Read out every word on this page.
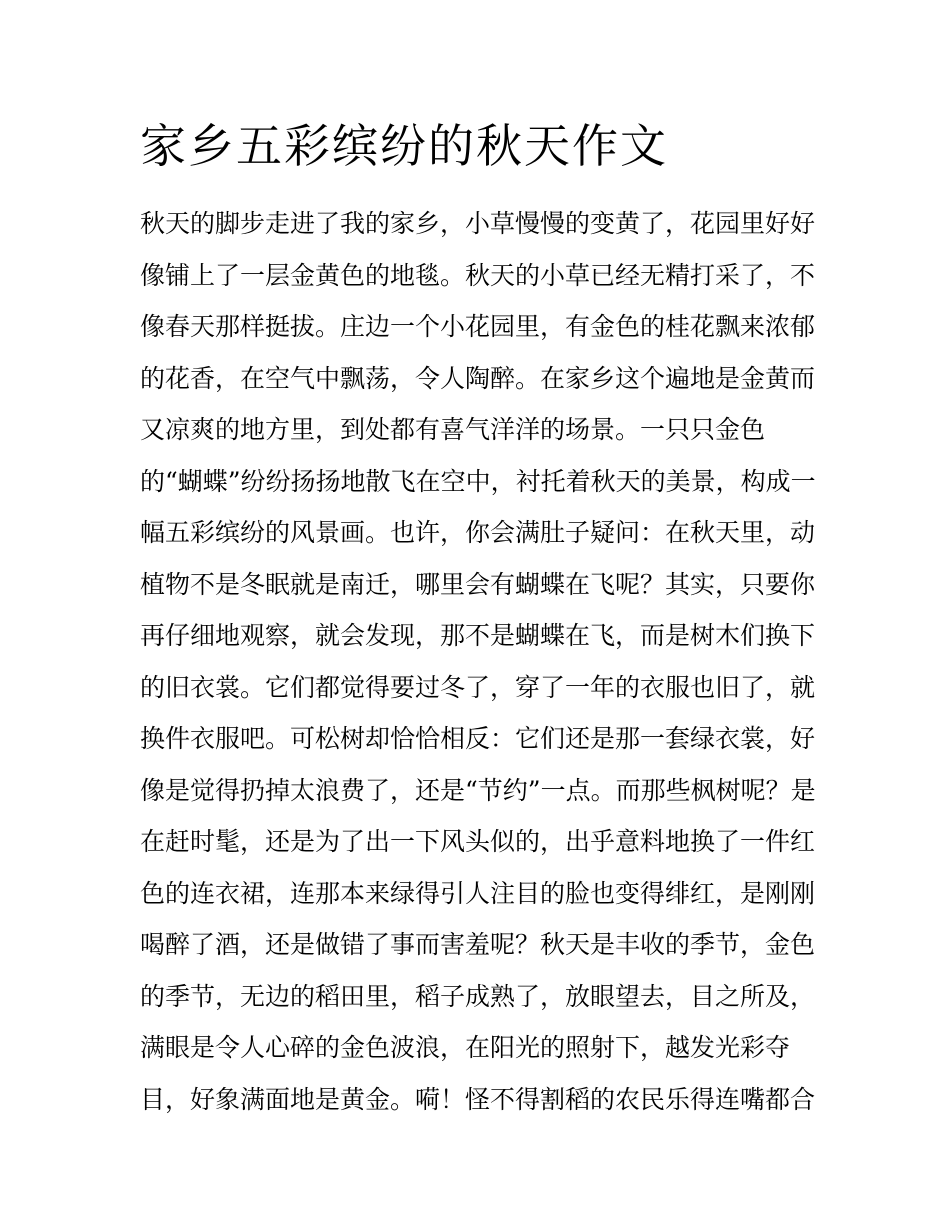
家乡五彩缤纷的秋天作文
秋天的脚步走进了我的家乡，小草慢慢的变黄了，花园里好好
像铺上了一层金黄色的地毯。秋天的小草已经无精打采了，不
像春天那样挺拔。庄边一个小花园里，有金色的桂花飘来浓郁
的花香，在空气中飘荡，令人陶醉。在家乡这个遍地是金黄而
又凉爽的地方里，到处都有喜气洋洋的场景。一只只金色
的“蝴蝶”纷纷扬扬地散飞在空中，衬托着秋天的美景，构成一
幅五彩缤纷的风景画。也许，你会满肚子疑问：在秋天里，动
植物不是冬眠就是南迁，哪里会有蝴蝶在飞呢？其实，只要你
再仔细地观察，就会发现，那不是蝴蝶在飞，而是树木们换下
的旧衣裳。它们都觉得要过冬了，穿了一年的衣服也旧了，就
换件衣服吧。可松树却恰恰相反：它们还是那一套绿衣裳，好
像是觉得扔掉太浪费了，还是“节约”一点。而那些枫树呢？是
在赶时髦，还是为了出一下风头似的，出乎意料地换了一件红
色的连衣裙，连那本来绿得引人注目的脸也变得绯红，是刚刚
喝醉了酒，还是做错了事而害羞呢？秋天是丰收的季节，金色
的季节，无边的稻田里，稻子成熟了，放眼望去，目之所及，
满眼是令人心碎的金色波浪，在阳光的照射下，越发光彩夺
目，好象满面地是黄金。嗬！怪不得割稻的农民乐得连嘴都合
